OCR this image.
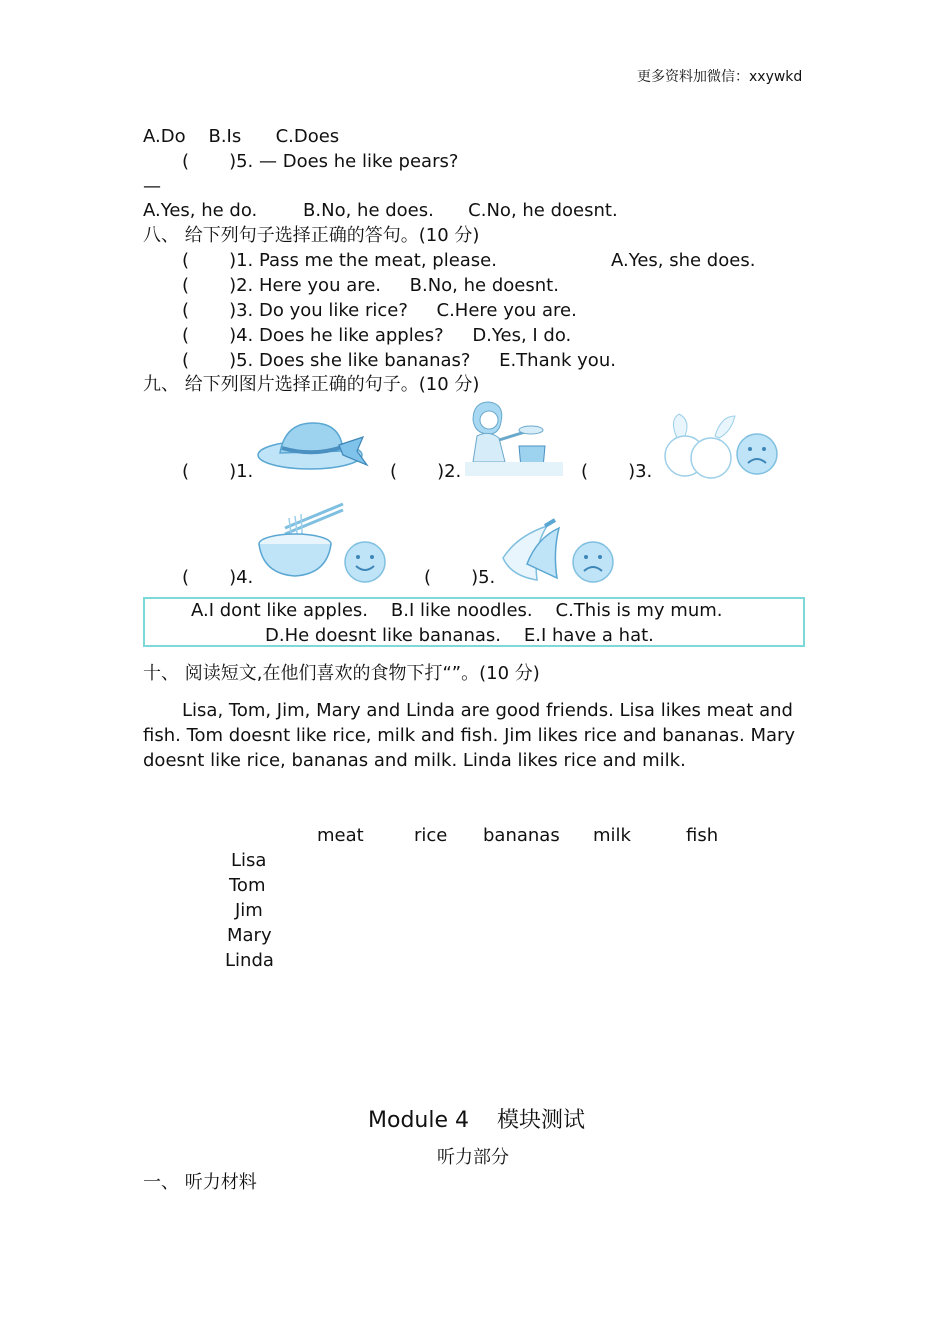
更多资料加微信：xxywkd
A.Do    B.Is      C.Does
(       )5. — Does he like pears?
—
A.Yes, he do.        B.No, he does.      C.No, he doesnt.
八、 给下列句子选择正确的答句。(10 分)
(       )1. Pass me the meat, please.	A.Yes, she does.
(       )2. Here you are.     B.No, he doesnt.
(       )3. Do you like rice?     C.Here you are.
(       )4. Does he like apples?     D.Yes, I do.
(       )5. Does she like bananas?     E.Thank you.
九、 给下列图片选择正确的句子。(10 分)
(       )1.	(       )2.	(       )3.
(       )4.	(       )5.
A.I dont like apples.    B.I like noodles.    C.This is my mum.
D.He doesnt like bananas.    E.I have a hat.
十、 阅读短文,在他们喜欢的食物下打“”。(10 分)
Lisa, Tom, Jim, Mary and Linda are good friends. Lisa likes meat and fish. Tom doesnt like rice, milk and fish. Jim likes rice and bananas. Mary doesnt like rice, bananas and milk. Linda likes rice and milk.
meat	rice bananas milk	fish
Lisa
Tom
Jim
Mary
Linda
Module 4    模块测试
听力部分
一、 听力材料
